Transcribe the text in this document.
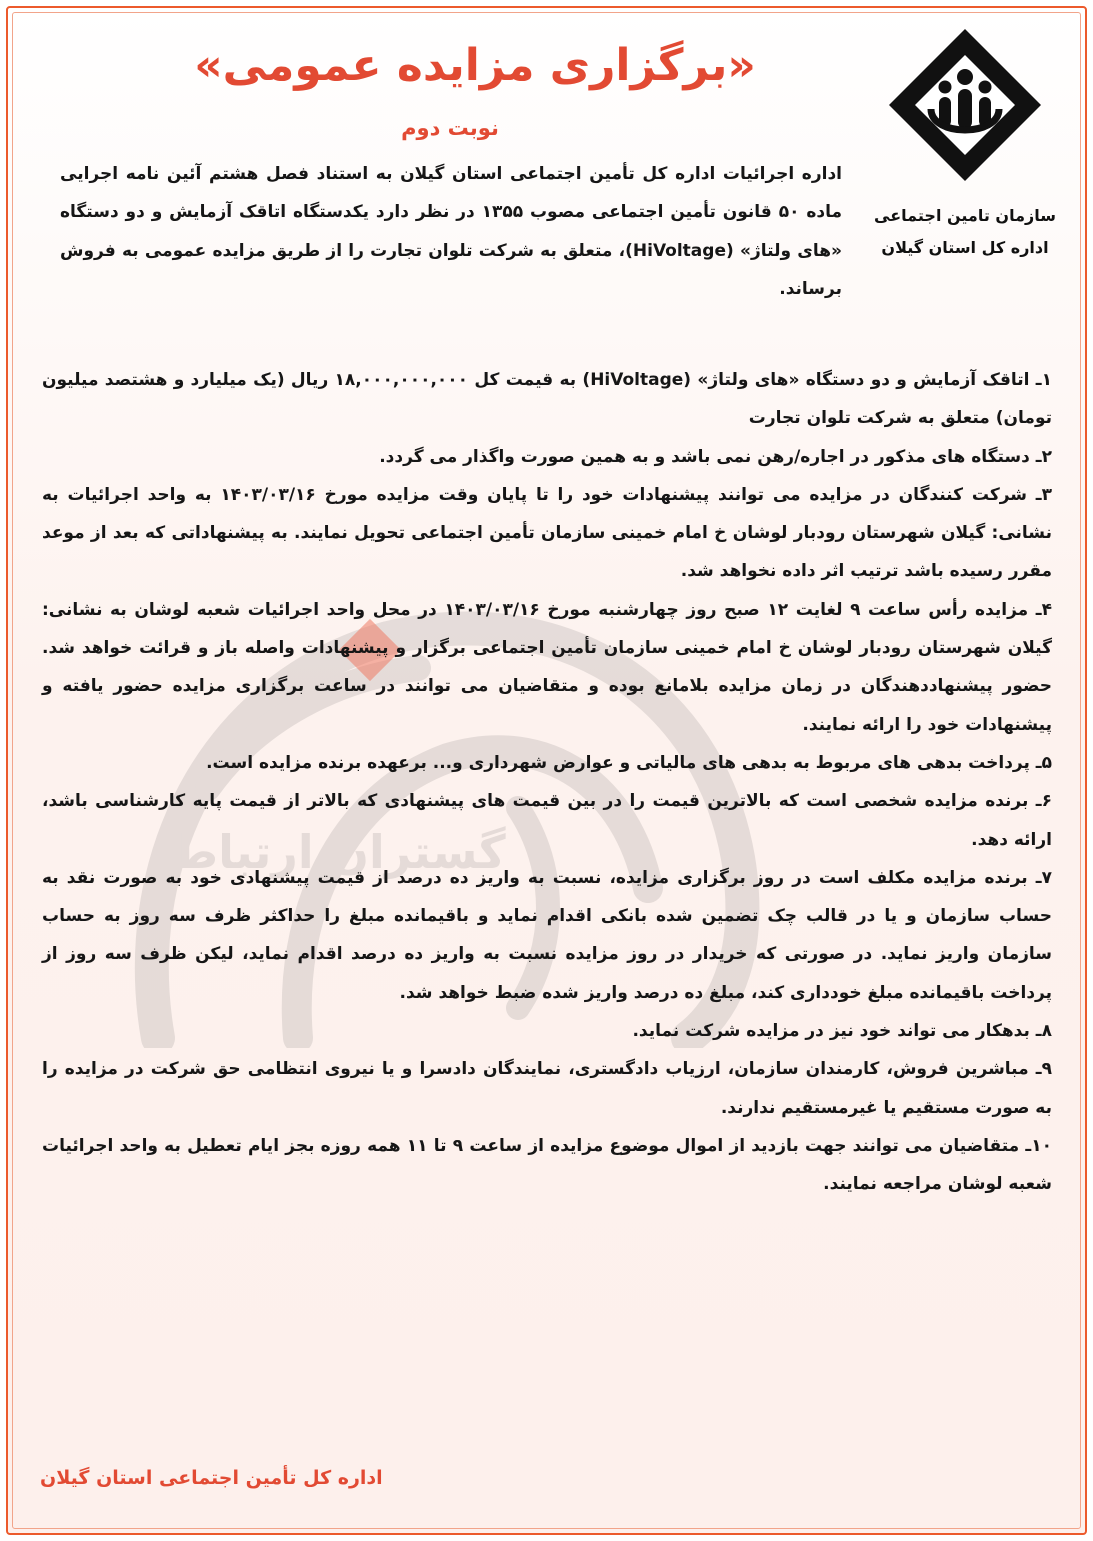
گستران ارتباط
سازمان تامین اجتماعی
اداره کل استان گیلان
«برگزاری مزایده عمومی»
نوبت دوم

اداره اجرائیات اداره کل تأمین اجتماعی استان گیلان به استناد فصل هشتم آئین نامه اجرایی ماده ۵۰ قانون تأمین اجتماعی مصوب ۱۳۵۵ در نظر دارد یکدستگاه اتاقک آزمایش و دو دستگاه «های ولتاژ» (HiVoltage)، متعلق به شرکت تلوان تجارت را از طریق مزایده عمومی به فروش برساند.

۱ـ اتاقک آزمایش و دو دستگاه «های ولتاژ» (HiVoltage) به قیمت کل ۱۸,۰۰۰,۰۰۰,۰۰۰ ریال (یک میلیارد و هشتصد میلیون تومان) متعلق به شرکت تلوان تجارت

۲ـ دستگاه های مذکور در اجاره/رهن نمی باشد و به همین صورت واگذار می گردد.

۳ـ شرکت کنندگان در مزایده می توانند پیشنهادات خود را تا پایان وقت مزایده مورخ ۱۴۰۳/۰۳/۱۶ به واحد اجرائیات به نشانی: گیلان شهرستان رودبار لوشان خ امام خمینی سازمان تأمین اجتماعی تحویل نمایند. به پیشنهاداتی که بعد از موعد مقرر رسیده باشد ترتیب اثر داده نخواهد شد.

۴ـ مزایده رأس ساعت ۹ لغایت ۱۲ صبح روز چهارشنبه مورخ ۱۴۰۳/۰۳/۱۶ در محل واحد اجرائیات شعبه لوشان به نشانی: گیلان شهرستان رودبار لوشان خ امام خمینی سازمان تأمین اجتماعی برگزار و پیشنهادات واصله باز و قرائت خواهد شد. حضور پیشنهاددهندگان در زمان مزایده بلامانع بوده و متقاضیان می توانند در ساعت برگزاری مزایده حضور یافته و پیشنهادات خود را ارائه نمایند.

۵ـ پرداخت بدهی های مربوط به بدهی های مالیاتی و عوارض شهرداری و... برعهده برنده مزایده است.

۶ـ برنده مزایده شخصی است که بالاترین قیمت را در بین قیمت های پیشنهادی که بالاتر از قیمت پایه کارشناسی باشد، ارائه دهد.

۷ـ برنده مزایده مکلف است در روز برگزاری مزایده، نسبت به واریز ده درصد از قیمت پیشنهادی خود به صورت نقد به حساب سازمان و یا در قالب چک تضمین شده بانکی اقدام نماید و باقیمانده مبلغ را حداکثر ظرف سه روز به حساب سازمان واریز نماید. در صورتی که خریدار در روز مزایده نسبت به واریز ده درصد اقدام نماید، لیکن ظرف سه روز از پرداخت باقیمانده مبلغ خودداری کند، مبلغ ده درصد واریز شده ضبط خواهد شد.

۸ـ بدهکار می تواند خود نیز در مزایده شرکت نماید.

۹ـ مباشرین فروش، کارمندان سازمان، ارزیاب دادگستری، نمایندگان دادسرا و یا نیروی انتظامی حق شرکت در مزایده را به صورت مستقیم یا غیرمستقیم ندارند.

۱۰ـ متقاضیان می توانند جهت بازدید از اموال موضوع مزایده از ساعت ۹ تا ۱۱ همه روزه بجز ایام تعطیل به واحد اجرائیات شعبه لوشان مراجعه نمایند.

اداره کل تأمین اجتماعی استان گیلان
